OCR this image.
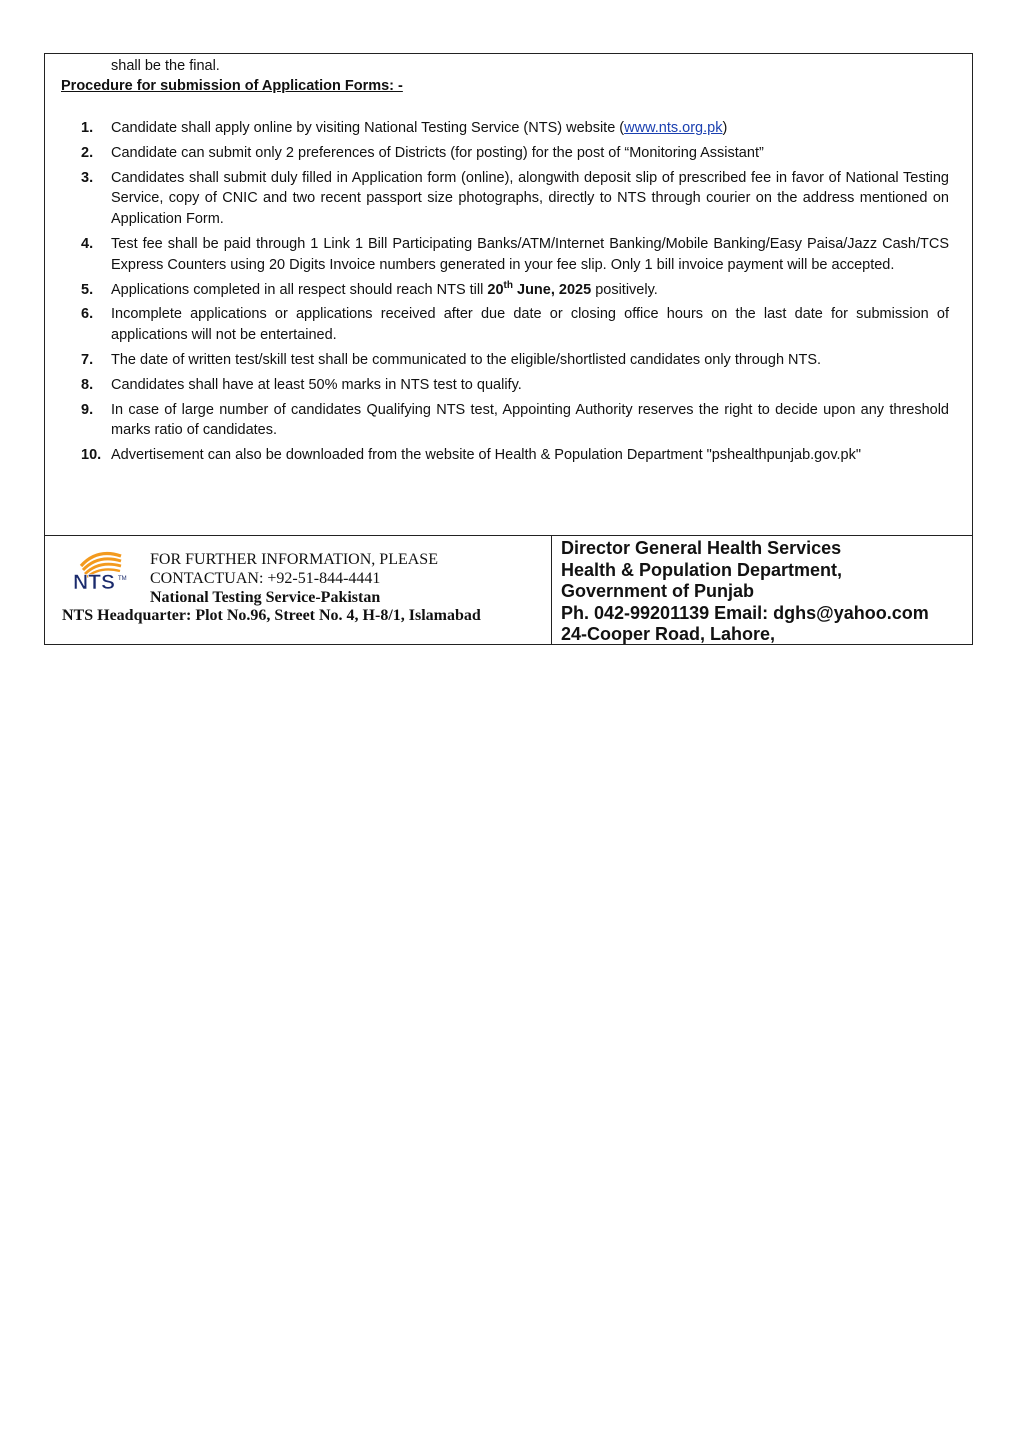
shall be the final.
Procedure for submission of Application Forms: -
1. Candidate shall apply online by visiting National Testing Service (NTS) website (www.nts.org.pk)
2. Candidate can submit only 2 preferences of Districts (for posting) for the post of “Monitoring Assistant”
3. Candidates shall submit duly filled in Application form (online), alongwith deposit slip of prescribed fee in favor of National Testing Service, copy of CNIC and two recent passport size photographs, directly to NTS through courier on the address mentioned on Application Form.
4. Test fee shall be paid through 1 Link 1 Bill Participating Banks/ATM/Internet Banking/Mobile Banking/Easy Paisa/Jazz Cash/TCS Express Counters using 20 Digits Invoice numbers generated in your fee slip. Only 1 bill invoice payment will be accepted.
5. Applications completed in all respect should reach NTS till 20th June, 2025 positively.
6. Incomplete applications or applications received after due date or closing office hours on the last date for submission of applications will not be entertained.
7. The date of written test/skill test shall be communicated to the eligible/shortlisted candidates only through NTS.
8. Candidates shall have at least 50% marks in NTS test to qualify.
9. In case of large number of candidates Qualifying NTS test, Appointing Authority reserves the right to decide upon any threshold marks ratio of candidates.
10. Advertisement can also be downloaded from the website of Health & Population Department "pshealthpunjab.gov.pk"
NTS TM
FOR FURTHER INFORMATION, PLEASE
CONTACTUAN: +92-51-844-4441
National Testing Service-Pakistan
NTS Headquarter: Plot No.96, Street No. 4, H-8/1, Islamabad
Director General Health Services
Health & Population Department,
Government of Punjab
Ph. 042-99201139 Email: dghs@yahoo.com
24-Cooper Road, Lahore,
